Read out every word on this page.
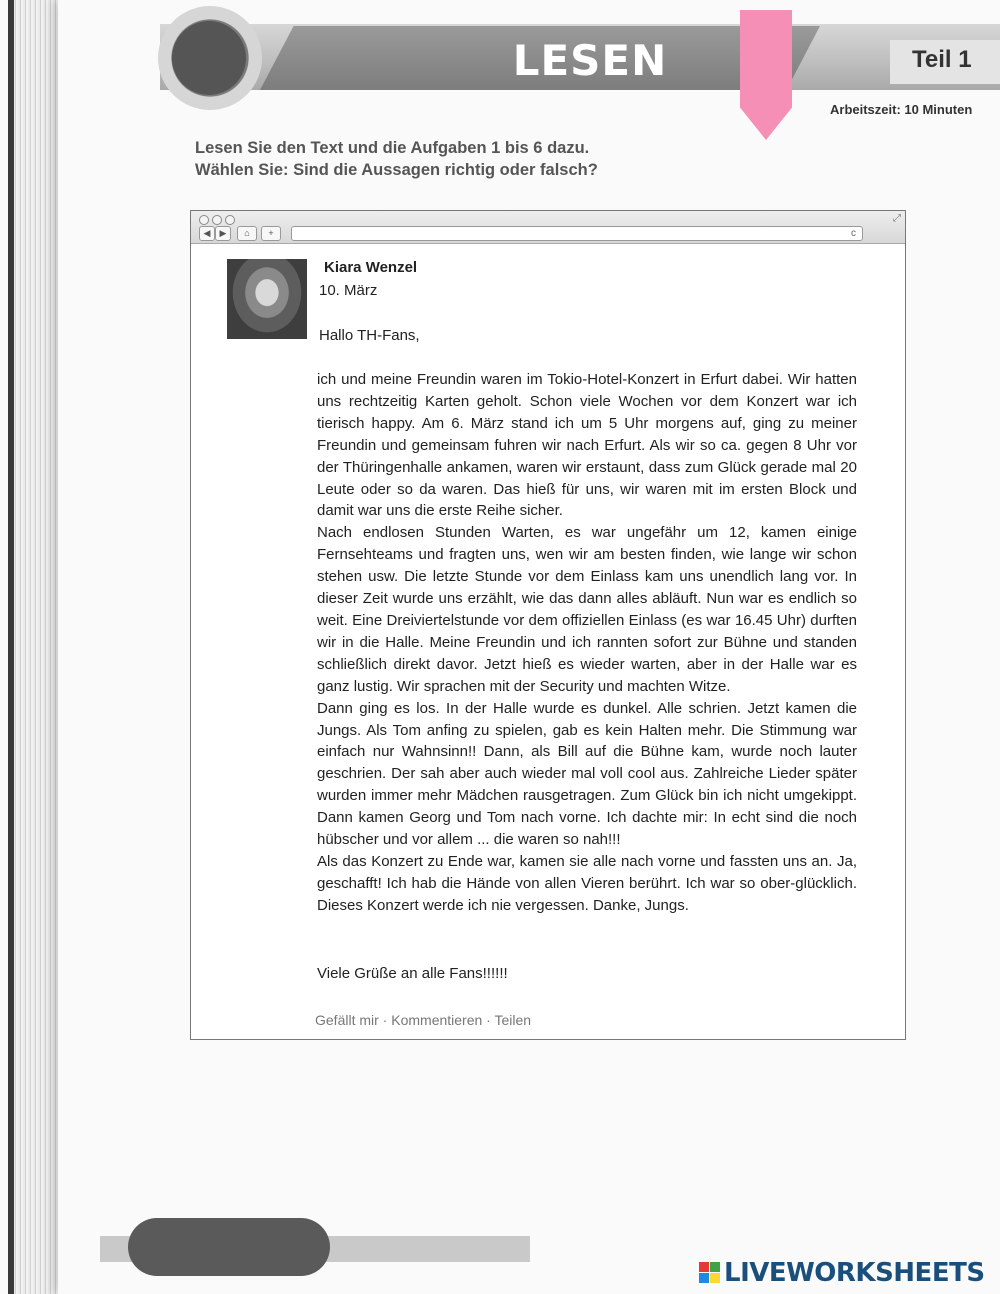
LESEN	Teil 1
Arbeitszeit: 10 Minuten
Lesen Sie den Text und die Aufgaben 1 bis 6 dazu.
Wählen Sie: Sind die Aussagen richtig oder falsch?
⤢
◀	▶	⌂	+	c
Kiara Wenzel
10. März
Hallo TH-Fans,

ich und meine Freundin waren im Tokio-Hotel-Konzert in Erfurt dabei. Wir hatten uns rechtzeitig Karten geholt. Schon viele Wochen vor dem Konzert war ich tierisch happy. Am 6. März stand ich um 5 Uhr morgens auf, ging zu meiner Freundin und gemeinsam fuhren wir nach Erfurt. Als wir so ca. gegen 8 Uhr vor der Thüringenhalle ankamen, waren wir erstaunt, dass zum Glück gerade mal 20 Leute oder so da waren. Das hieß für uns, wir waren mit im ersten Block und damit war uns die erste Reihe sicher.

Nach endlosen Stunden Warten, es war ungefähr um 12, kamen einige Fernsehteams und fragten uns, wen wir am besten finden, wie lange wir schon stehen usw. Die letzte Stunde vor dem Einlass kam uns unendlich lang vor. In dieser Zeit wurde uns erzählt, wie das dann alles abläuft. Nun war es endlich so weit. Eine Dreiviertelstunde vor dem offiziellen Einlass (es war 16.45 Uhr) durften wir in die Halle. Meine Freundin und ich rannten sofort zur Bühne und standen schließlich direkt davor. Jetzt hieß es wieder warten, aber in der Halle war es ganz lustig. Wir sprachen mit der Security und machten Witze.

Dann ging es los. In der Halle wurde es dunkel. Alle schrien. Jetzt kamen die Jungs. Als Tom anfing zu spielen, gab es kein Halten mehr. Die Stimmung war einfach nur Wahnsinn!! Dann, als Bill auf die Bühne kam, wurde noch lauter geschrien. Der sah aber auch wieder mal voll cool aus. Zahlreiche Lieder später wurden immer mehr Mädchen rausgetragen. Zum Glück bin ich nicht umgekippt. Dann kamen Georg und Tom nach vorne. Ich dachte mir: In echt sind die noch hübscher und vor allem ... die waren so nah!!!

Als das Konzert zu Ende war, kamen sie alle nach vorne und fassten uns an. Ja, geschafft! Ich hab die Hände von allen Vieren berührt. Ich war so ober-glücklich. Dieses Konzert werde ich nie vergessen. Danke, Jungs.

Viele Grüße an alle Fans!!!!!!
Gefällt mir · Kommentieren · Teilen
LIVEWORKSHEETS
